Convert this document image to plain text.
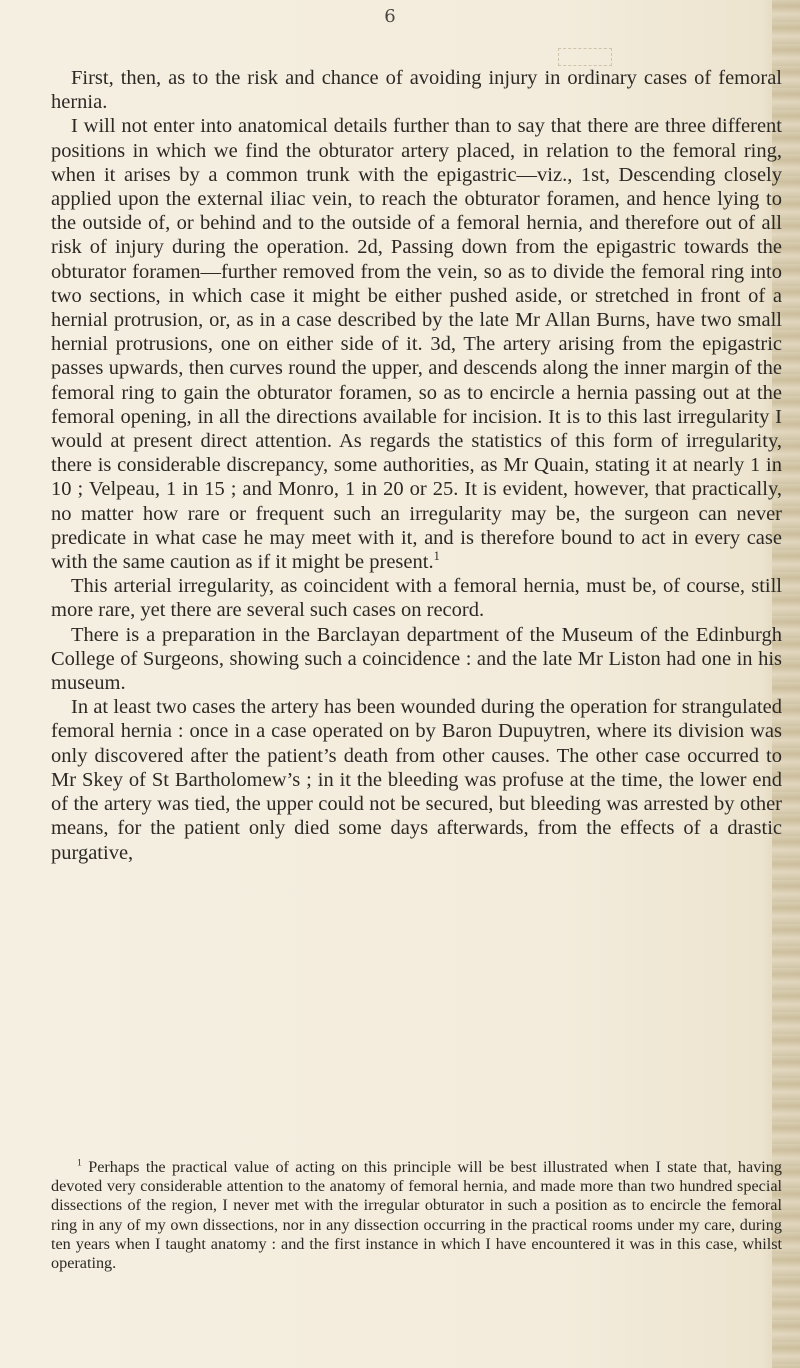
6

First, then, as to the risk and chance of avoiding injury in ordinary cases of femoral hernia.

I will not enter into anatomical details further than to say that there are three different positions in which we find the obturator artery placed, in relation to the femoral ring, when it arises by a common trunk with the epigastric—viz., 1st, Descending closely applied upon the external iliac vein, to reach the obturator foramen, and hence lying to the outside of, or behind and to the outside of a femoral hernia, and therefore out of all risk of injury during the operation. 2d, Passing down from the epigastric towards the obturator foramen—further removed from the vein, so as to divide the femoral ring into two sections, in which case it might be either pushed aside, or stretched in front of a hernial protrusion, or, as in a case described by the late Mr Allan Burns, have two small hernial protrusions, one on either side of it. 3d, The artery arising from the epigastric passes upwards, then curves round the upper, and descends along the inner margin of the femoral ring to gain the obturator foramen, so as to encircle a hernia passing out at the femoral opening, in all the directions available for incision. It is to this last irregularity I would at present direct attention. As regards the statistics of this form of irregularity, there is considerable discrepancy, some authorities, as Mr Quain, stating it at nearly 1 in 10 ; Velpeau, 1 in 15 ; and Monro, 1 in 20 or 25. It is evident, however, that practically, no matter how rare or frequent such an irregularity may be, the surgeon can never predicate in what case he may meet with it, and is therefore bound to act in every case with the same caution as if it might be present.$^1$

This arterial irregularity, as coincident with a femoral hernia, must be, of course, still more rare, yet there are several such cases on record.

There is a preparation in the Barclayan department of the Museum of the Edinburgh College of Surgeons, showing such a coincidence : and the late Mr Liston had one in his museum.

In at least two cases the artery has been wounded during the operation for strangulated femoral hernia : once in a case operated on by Baron Dupuytren, where its division was only discovered after the patient’s death from other causes. The other case occurred to Mr Skey of St Bartholomew’s ; in it the bleeding was profuse at the time, the lower end of the artery was tied, the upper could not be secured, but bleeding was arrested by other means, for the patient only died some days afterwards, from the effects of a drastic purgative,

$^1$ Perhaps the practical value of acting on this principle will be best illustrated when I state that, having devoted very considerable attention to the anatomy of femoral hernia, and made more than two hundred special dissections of the region, I never met with the irregular obturator in such a position as to encircle the femoral ring in any of my own dissections, nor in any dissection occurring in the practical rooms under my care, during ten years when I taught anatomy : and the first instance in which I have encountered it was in this case, whilst operating.
